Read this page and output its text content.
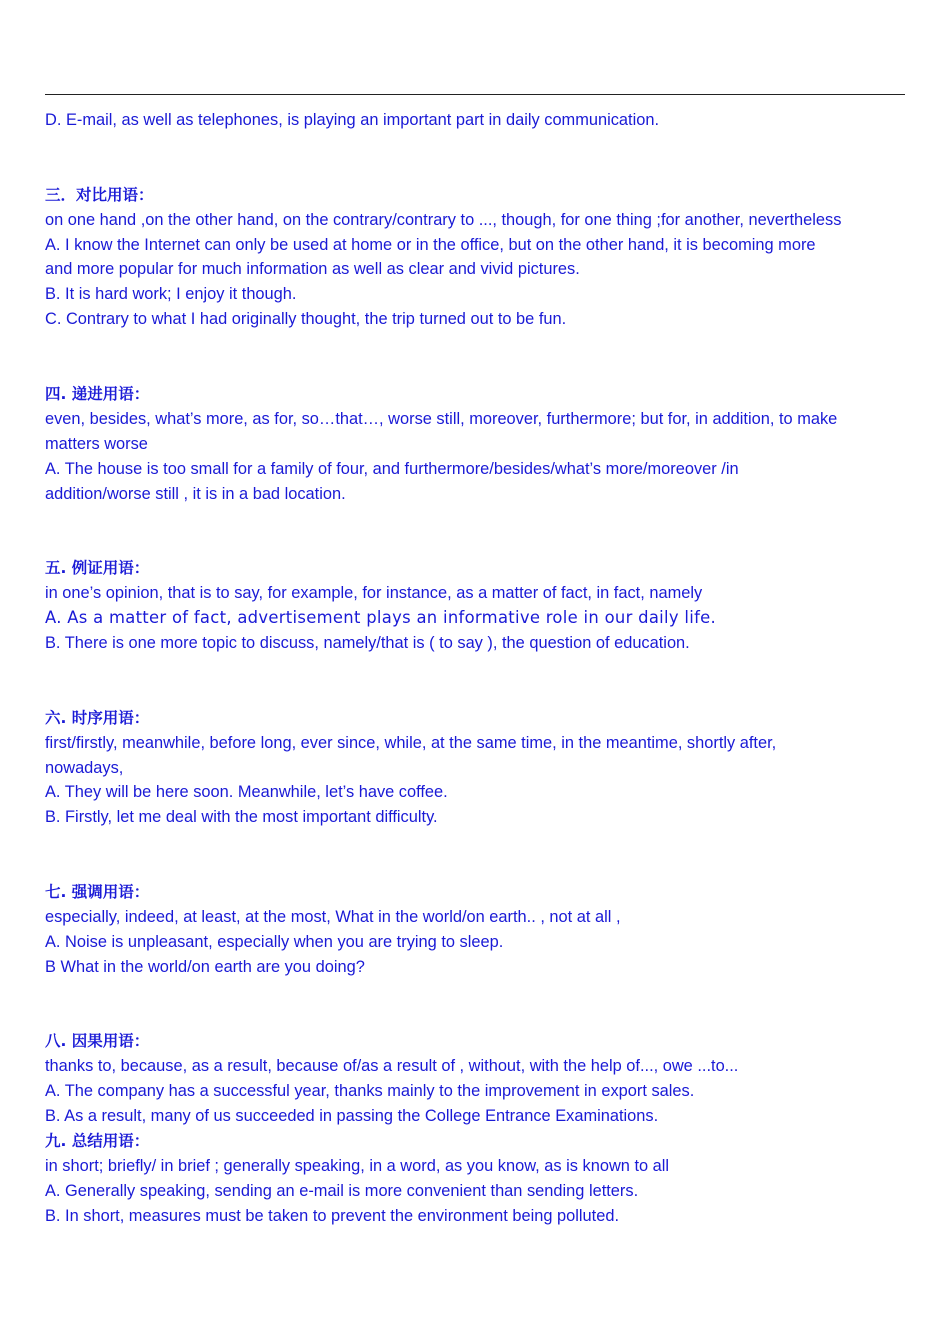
D. E-mail, as well as telephones, is playing an important part in daily communication.
三．对比用语：
on one hand ,on the other hand, on the contrary/contrary to ..., though, for one thing ;for another, nevertheless
A. I know the Internet can only be used at home or in the office, but on the other hand, it is becoming more
and more popular for much information as well as clear and vivid pictures.
B. It is hard work; I enjoy it though.
C. Contrary to what I had originally thought, the trip turned out to be fun.
四. 递进用语：
even, besides, what’s more, as for, so…that…, worse still, moreover, furthermore; but for, in addition, to make
matters worse
A. The house is too small for a family of four, and furthermore/besides/what’s more/moreover /in
addition/worse still , it is in a bad location.
五. 例证用语：
in one’s opinion, that is to say, for example, for instance, as a matter of fact, in fact, namely
A. As a matter of fact, advertisement plays an informative role in our daily life.
B. There is one more topic to discuss, namely/that is ( to say ), the question of education.
六. 时序用语：
first/firstly, meanwhile, before long, ever since, while, at the same time, in the meantime, shortly after,
nowadays,
A. They will be here soon. Meanwhile, let’s have coffee.
B. Firstly, let me deal with the most important difficulty.
七. 强调用语：
especially, indeed, at least, at the most, What in the world/on earth.. , not at all ,
A. Noise is unpleasant, especially when you are trying to sleep.
B What in the world/on earth are you doing?
八. 因果用语：
thanks to, because, as a result, because of/as a result of , without, with the help of..., owe ...to...
A. The company has a successful year, thanks mainly to the improvement in export sales.
B. As a result, many of us succeeded in passing the College Entrance Examinations.
九. 总结用语：
in short; briefly/ in brief ; generally speaking, in a word, as you know, as is known to all
A. Generally speaking, sending an e-mail is more convenient than sending letters.
B. In short, measures must be taken to prevent the environment being polluted.
